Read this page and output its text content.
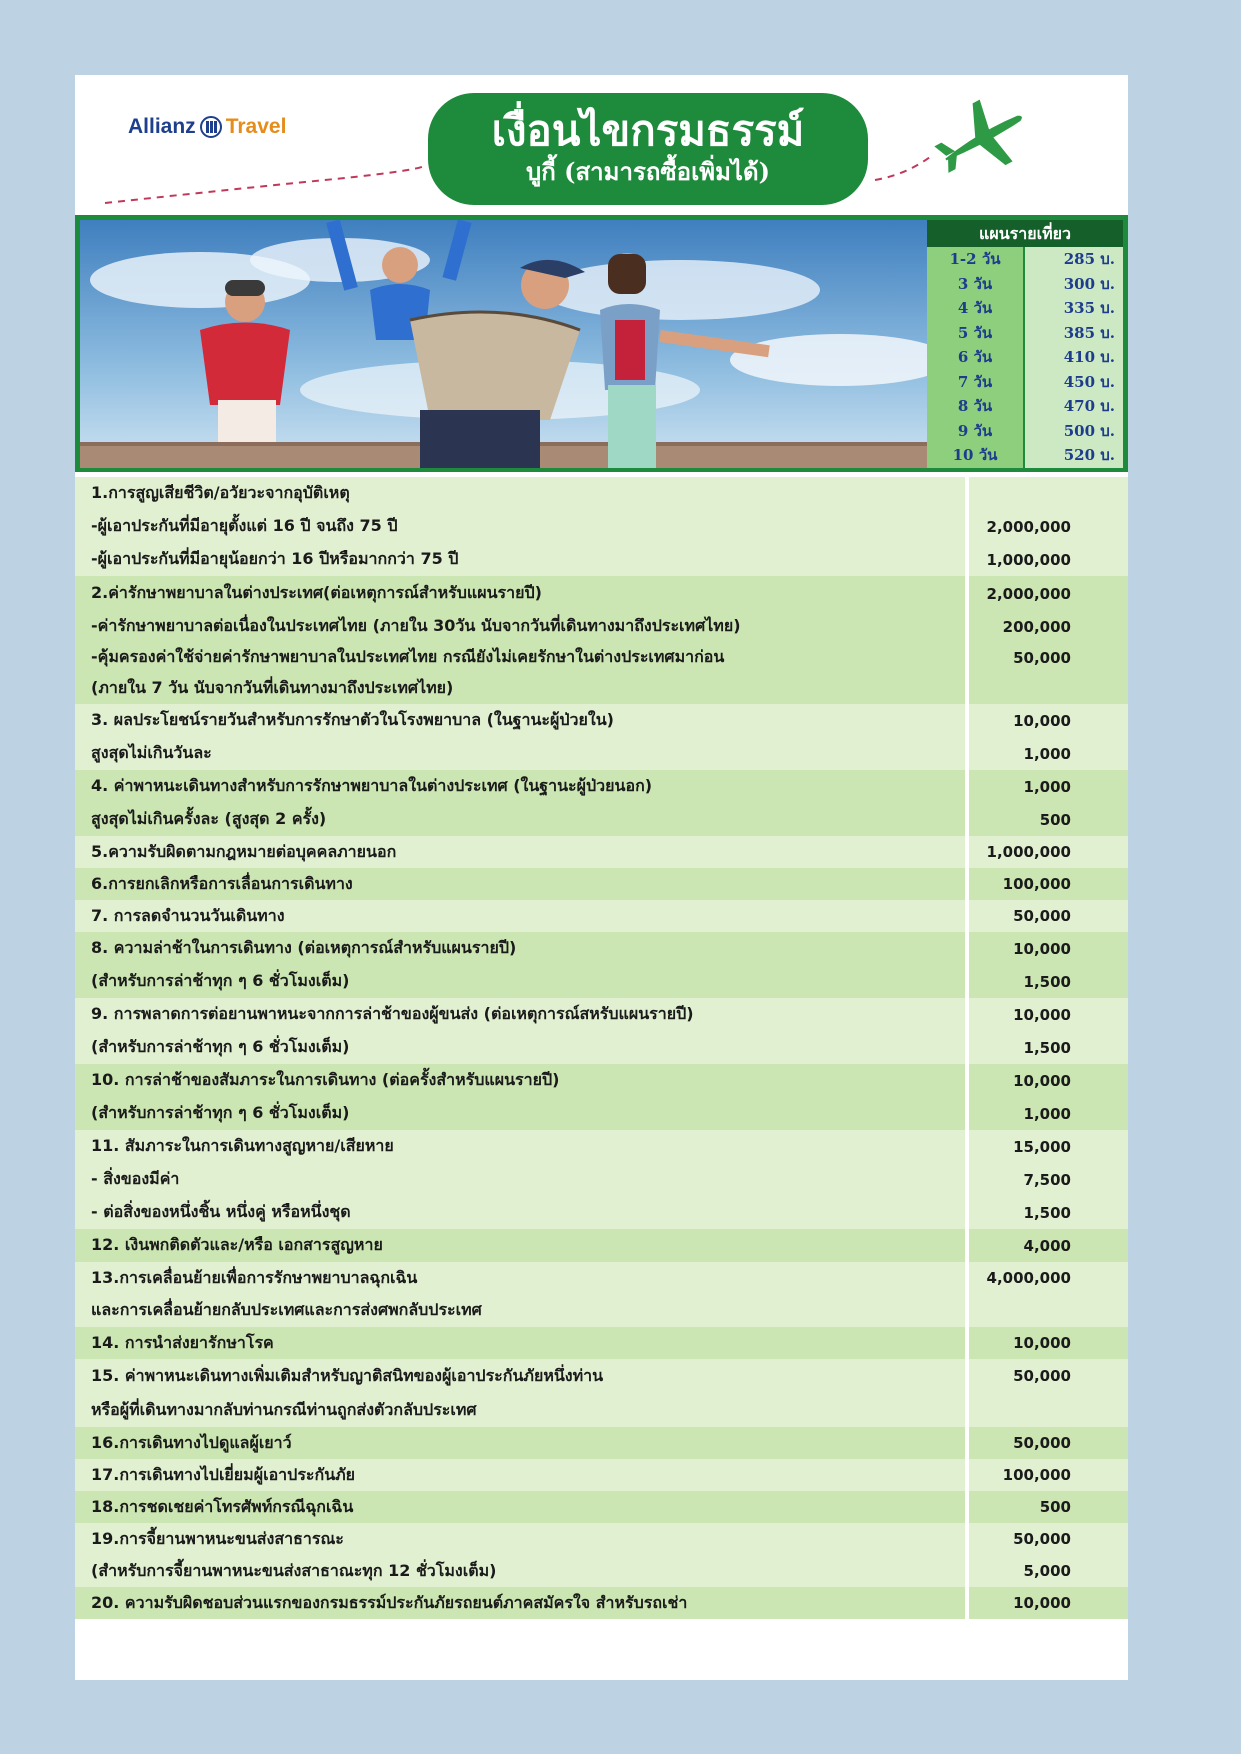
Allianz Travel	เงื่อนไขกรมธรรม์
บูกี้ (สามารถซื้อเพิ่มได้)
แผนรายเที่ยว
1-2 วัน	285 บ.
3 วัน	300 บ.
4 วัน	335 บ.
5 วัน	385 บ.
6 วัน	410 บ.
7 วัน	450 บ.
8 วัน	470 บ.
9 วัน	500 บ.
10 วัน	520 บ.
1.การสูญเสียชีวิต/อวัยวะจากอุบัติเหตุ
-ผู้เอาประกันที่มีอายุตั้งแต่ 16 ปี จนถึง 75 ปี	2,000,000
-ผู้เอาประกันที่มีอายุน้อยกว่า 16 ปีหรือมากกว่า 75 ปี	1,000,000
2.ค่ารักษาพยาบาลในต่างประเทศ(ต่อเหตุการณ์สำหรับแผนรายปี)	2,000,000
-ค่ารักษาพยาบาลต่อเนื่องในประเทศไทย (ภายใน 30วัน นับจากวันที่เดินทางมาถึงประเทศไทย)	200,000
-คุ้มครองค่าใช้จ่ายค่ารักษาพยาบาลในประเทศไทย กรณียังไม่เคยรักษาในต่างประเทศมาก่อน	50,000
(ภายใน 7 วัน นับจากวันที่เดินทางมาถึงประเทศไทย)
3. ผลประโยชน์รายวันสำหรับการรักษาตัวในโรงพยาบาล (ในฐานะผู้ป่วยใน)	10,000
สูงสุดไม่เกินวันละ	1,000
4. ค่าพาหนะเดินทางสำหรับการรักษาพยาบาลในต่างประเทศ (ในฐานะผู้ป่วยนอก)	1,000
สูงสุดไม่เกินครั้งละ (สูงสุด 2 ครั้ง)	500
5.ความรับผิดตามกฎหมายต่อบุคคลภายนอก	1,000,000
6.การยกเลิกหรือการเลื่อนการเดินทาง	100,000
7. การลดจำนวนวันเดินทาง	50,000
8. ความล่าช้าในการเดินทาง (ต่อเหตุการณ์สำหรับแผนรายปี)	10,000
(สำหรับการล่าช้าทุก ๆ 6 ชั่วโมงเต็ม)	1,500
9. การพลาดการต่อยานพาหนะจากการล่าช้าของผู้ขนส่ง (ต่อเหตุการณ์สหรับแผนรายปี)	10,000
(สำหรับการล่าช้าทุก ๆ 6 ชั่วโมงเต็ม)	1,500
10. การล่าช้าของสัมภาระในการเดินทาง (ต่อครั้งสำหรับแผนรายปี)	10,000
(สำหรับการล่าช้าทุก ๆ 6 ชั่วโมงเต็ม)	1,000
11. สัมภาระในการเดินทางสูญหาย/เสียหาย	15,000
- สิ่งของมีค่า	7,500
- ต่อสิ่งของหนึ่งชิ้น หนึ่งคู่ หรือหนึ่งชุด	1,500
12. เงินพกติดตัวและ/หรือ เอกสารสูญหาย	4,000
13.การเคลื่อนย้ายเพื่อการรักษาพยาบาลฉุกเฉิน	4,000,000
และการเคลื่อนย้ายกลับประเทศและการส่งศพกลับประเทศ
14. การนำส่งยารักษาโรค	10,000
15. ค่าพาหนะเดินทางเพิ่มเติมสำหรับญาติสนิทของผู้เอาประกันภัยหนึ่งท่าน	50,000
หรือผู้ที่เดินทางมากลับท่านกรณีท่านถูกส่งตัวกลับประเทศ
16.การเดินทางไปดูแลผู้เยาว์	50,000
17.การเดินทางไปเยี่ยมผู้เอาประกันภัย	100,000
18.การชดเชยค่าโทรศัพท์กรณีฉุกเฉิน	500
19.การจี้ยานพาหนะขนส่งสาธารณะ	50,000
(สำหรับการจี้ยานพาหนะขนส่งสาธาณะทุก 12 ชั่วโมงเต็ม)	5,000
20. ความรับผิดชอบส่วนแรกของกรมธรรม์ประกันภัยรถยนต์ภาคสมัครใจ สำหรับรถเช่า	10,000
